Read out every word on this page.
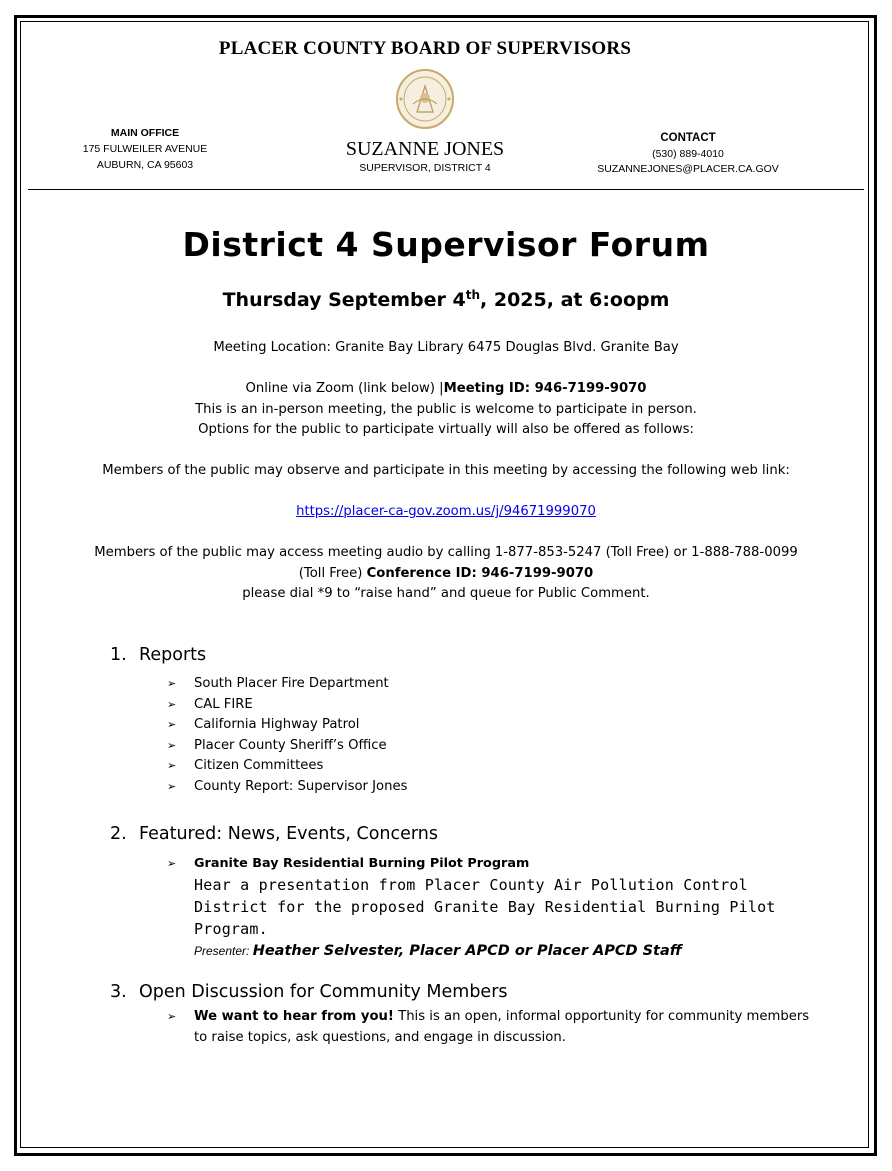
PLACER COUNTY BOARD OF SUPERVISORS
MAIN OFFICE
175 FULWEILER AVENUE
AUBURN, CA 95603
SUZANNE JONES
SUPERVISOR, DISTRICT 4
CONTACT
(530) 889-4010
SUZANNEJONES@PLACER.CA.GOV
District 4 Supervisor Forum
Thursday September 4th, 2025, at 6:oopm
Meeting Location: Granite Bay Library 6475 Douglas Blvd. Granite Bay
Online via Zoom (link below) |Meeting ID: 946-7199-9070
This is an in-person meeting, the public is welcome to participate in person.
Options for the public to participate virtually will also be offered as follows:
Members of the public may observe and participate in this meeting by accessing the following web link:
https://placer-ca-gov.zoom.us/j/94671999070
Members of the public may access meeting audio by calling 1-877-853-5247 (Toll Free) or 1-888-788-0099
(Toll Free) Conference ID: 946-7199-9070
please dial *9 to “raise hand” and queue for Public Comment.
1. Reports
➢ South Placer Fire Department
➢ CAL FIRE
➢ California Highway Patrol
➢ Placer County Sheriff’s Office
➢ Citizen Committees
➢ County Report: Supervisor Jones
2. Featured: News, Events, Concerns
➢ Granite Bay Residential Burning Pilot Program
Hear a presentation from Placer County Air Pollution Control
District for the proposed Granite Bay Residential Burning Pilot
Program.
Presenter: Heather Selvester, Placer APCD or Placer APCD Staff
3. Open Discussion for Community Members
➢ We want to hear from you! This is an open, informal opportunity for community members
to raise topics, ask questions, and engage in discussion.
